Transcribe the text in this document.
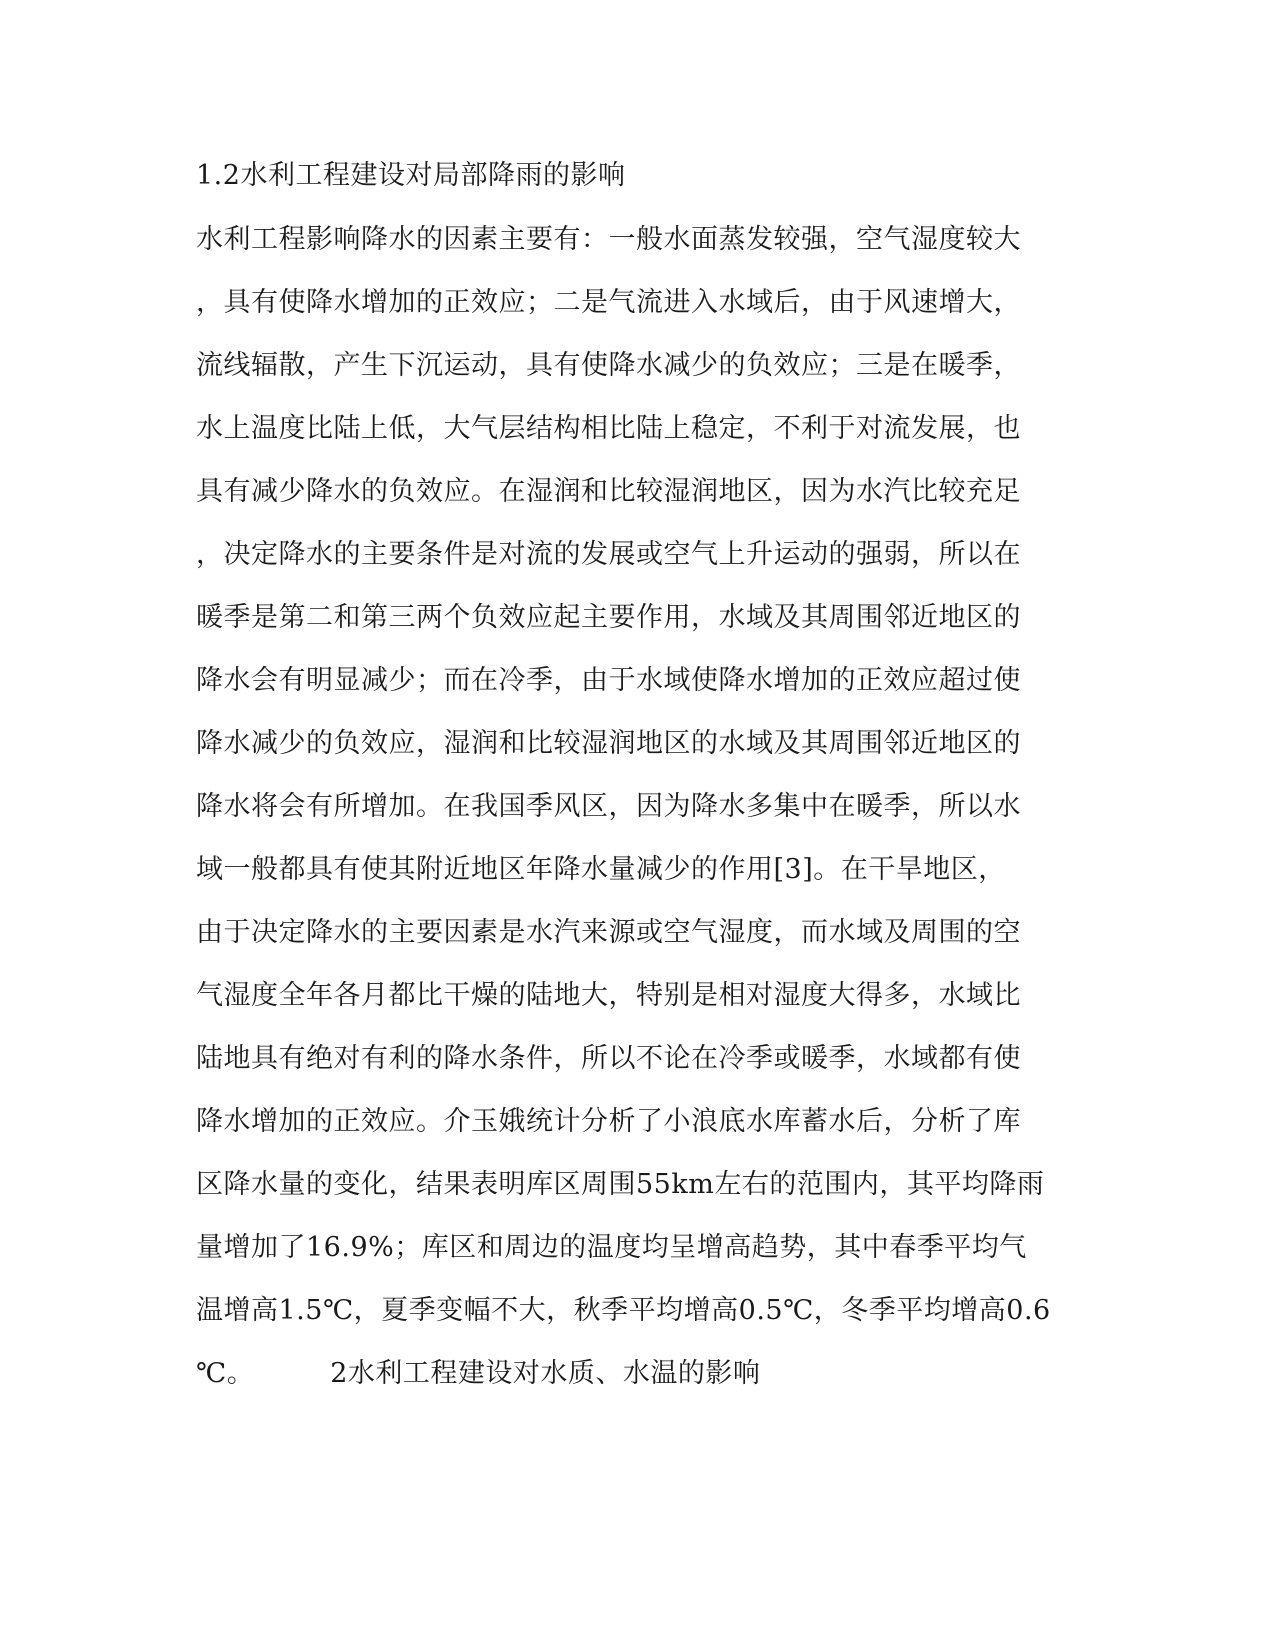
1.2水利工程建设对局部降雨的影响
水利工程影响降水的因素主要有：一般水面蒸发较强，空气湿度较大
，具有使降水增加的正效应；二是气流进入水域后，由于风速增大，
流线辐散，产生下沉运动，具有使降水减少的负效应；三是在暖季，
水上温度比陆上低，大气层结构相比陆上稳定，不利于对流发展，也
具有减少降水的负效应。在湿润和比较湿润地区，因为水汽比较充足
，决定降水的主要条件是对流的发展或空气上升运动的强弱，所以在
暖季是第二和第三两个负效应起主要作用，水域及其周围邻近地区的
降水会有明显减少；而在冷季，由于水域使降水增加的正效应超过使
降水减少的负效应，湿润和比较湿润地区的水域及其周围邻近地区的
降水将会有所增加。在我国季风区，因为降水多集中在暖季，所以水
域一般都具有使其附近地区年降水量减少的作用[3]。在干旱地区，
由于决定降水的主要因素是水汽来源或空气湿度，而水域及周围的空
气湿度全年各月都比干燥的陆地大，特别是相对湿度大得多，水域比
陆地具有绝对有利的降水条件，所以不论在冷季或暖季，水域都有使
降水增加的正效应。介玉娥统计分析了小浪底水库蓄水后，分析了库
区降水量的变化，结果表明库区周围55km左右的范围内，其平均降雨
量增加了16.9%；库区和周边的温度均呈增高趋势，其中春季平均气
温增高1.5℃，夏季变幅不大，秋季平均增高0.5℃，冬季平均增高0.6
℃。	2水利工程建设对水质、水温的影响
